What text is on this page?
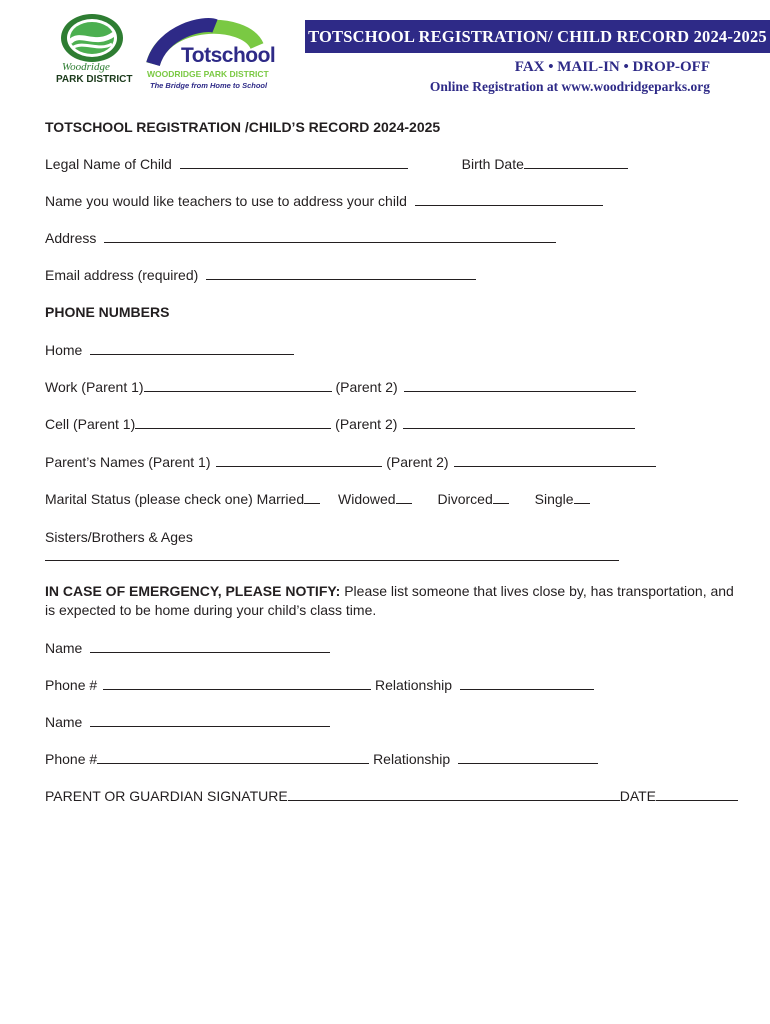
Woodridge
PARK DISTRICT
Totschool
WOODRIDGE PARK DISTRICT
The Bridge from Home to School
TOTSCHOOL REGISTRATION/ CHILD RECORD 2024-2025
FAX • MAIL-IN • DROP-OFF
Online Registration at www.woodridgeparks.org
TOTSCHOOL REGISTRATION /CHILD’S RECORD 2024-2025
Legal Name of Child	Birth Date
Name you would like teachers to use to address your child
Address
Email address (required)
PHONE NUMBERS
Home
Work (Parent 1)	(Parent 2)
Cell (Parent 1)	(Parent 2)
Parent’s Names (Parent 1)	(Parent 2)
Marital Status (please check one) Married Widowed	Divorced	Single
Sisters/Brothers & Ages
IN CASE OF EMERGENCY, PLEASE NOTIFY: Please list someone that lives close by, has transportation, and is expected to be home during your child’s class time.
Name
Phone #	Relationship
Name
Phone #	Relationship
PARENT OR GUARDIAN SIGNATURE	DATE
